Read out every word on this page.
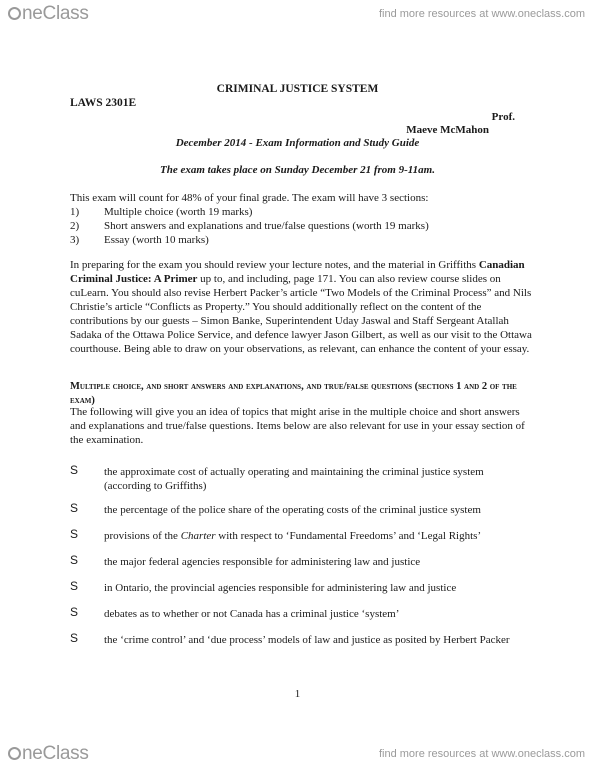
neClass	find more resources at www.oneclass.com
CRIMINAL JUSTICE SYSTEM
LAWS 2301E
Prof.
Maeve McMahon
December 2014 - Exam Information and Study Guide
The exam takes place on Sunday December 21 from 9-11am.

This exam will count for 48% of your final grade. The exam will have 3 sections:

1)	Multiple choice (worth 19 marks)
2)	Short answers and explanations and true/false questions (worth 19 marks)
3)	Essay (worth 10 marks)

In preparing for the exam you should review your lecture notes, and the material in Griffiths Canadian Criminal Justice: A Primer up to, and including, page 171. You can also review course slides on cuLearn. You should also revise Herbert Packer’s article “Two Models of the Criminal Process” and Nils Christie’s article “Conflicts as Property.” You should additionally reflect on the content of the contributions by our guests – Simon Banke, Superintendent Uday Jaswal and Staff Sergeant Atallah Sadaka of the Ottawa Police Service, and defence lawyer Jason Gilbert, as well as our visit to the Ottawa courthouse. Being able to draw on your observations, as relevant, can enhance the content of your essay.

Multiple choice, and short answers and explanations, and true/false questions (sections 1 and 2 of the exam)

The following will give you an idea of topics that might arise in the multiple choice and short answers and explanations and true/false questions. Items below are also relevant for use in your essay section of the examination.

S the approximate cost of actually operating and maintaining the criminal justice system (according to Griffiths)
S the percentage of the police share of the operating costs of the criminal justice system
S provisions of the Charter with respect to ‘Fundamental Freedoms’ and ‘Legal Rights’
S the major federal agencies responsible for administering law and justice
S in Ontario, the provincial agencies responsible for administering law and justice
S debates as to whether or not Canada has a criminal justice ‘system’
S the ‘crime control’ and ‘due process’ models of law and justice as posited by Herbert Packer
1
neClass	find more resources at www.oneclass.com
